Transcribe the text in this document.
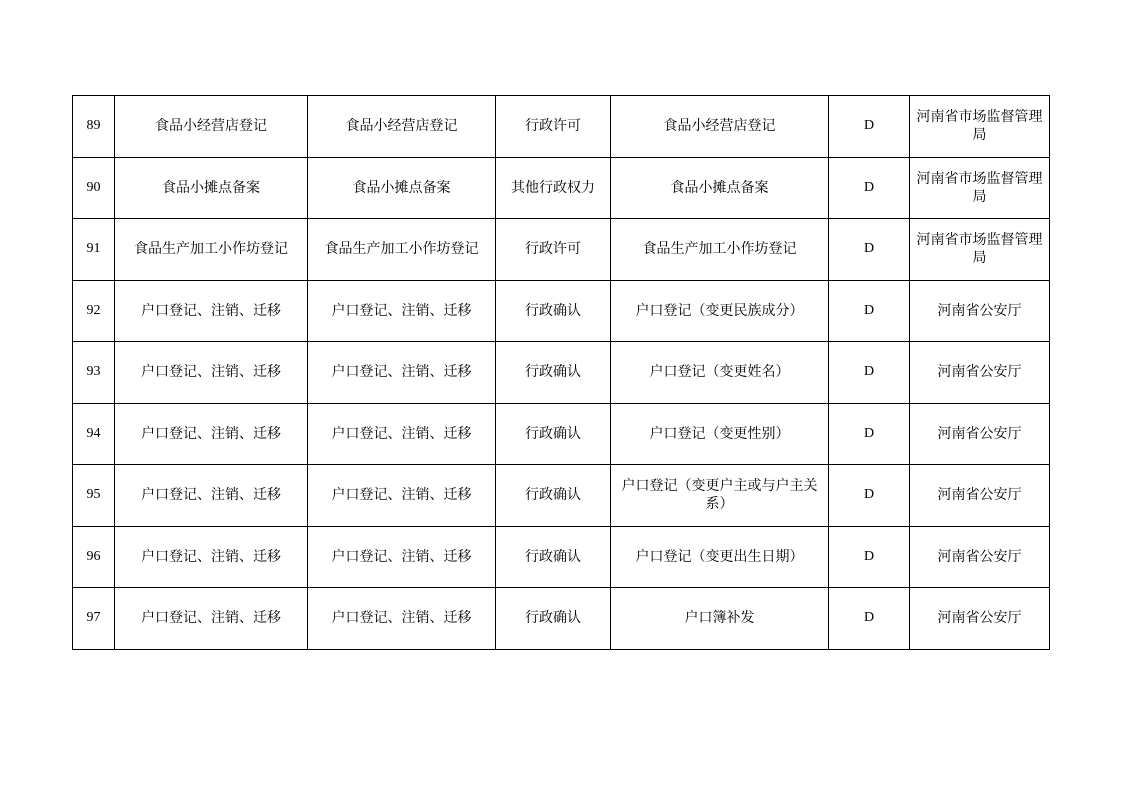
89	食品小经营店登记	食品小经营店登记	行政许可	食品小经营店登记	D	河南省市场监督管理局
90	食品小摊点备案	食品小摊点备案	其他行政权力	食品小摊点备案	D	河南省市场监督管理局
91	食品生产加工小作坊登记	食品生产加工小作坊登记	行政许可	食品生产加工小作坊登记	D	河南省市场监督管理局
92	户口登记、注销、迁移	户口登记、注销、迁移	行政确认	户口登记（变更民族成分）	D	河南省公安厅
93	户口登记、注销、迁移	户口登记、注销、迁移	行政确认	户口登记（变更姓名）	D	河南省公安厅
94	户口登记、注销、迁移	户口登记、注销、迁移	行政确认	户口登记（变更性别）	D	河南省公安厅
95	户口登记、注销、迁移	户口登记、注销、迁移	行政确认	户口登记（变更户主或与户主关系）	D	河南省公安厅
96	户口登记、注销、迁移	户口登记、注销、迁移	行政确认	户口登记（变更出生日期）	D	河南省公安厅
97	户口登记、注销、迁移	户口登记、注销、迁移	行政确认	户口簿补发	D	河南省公安厅
